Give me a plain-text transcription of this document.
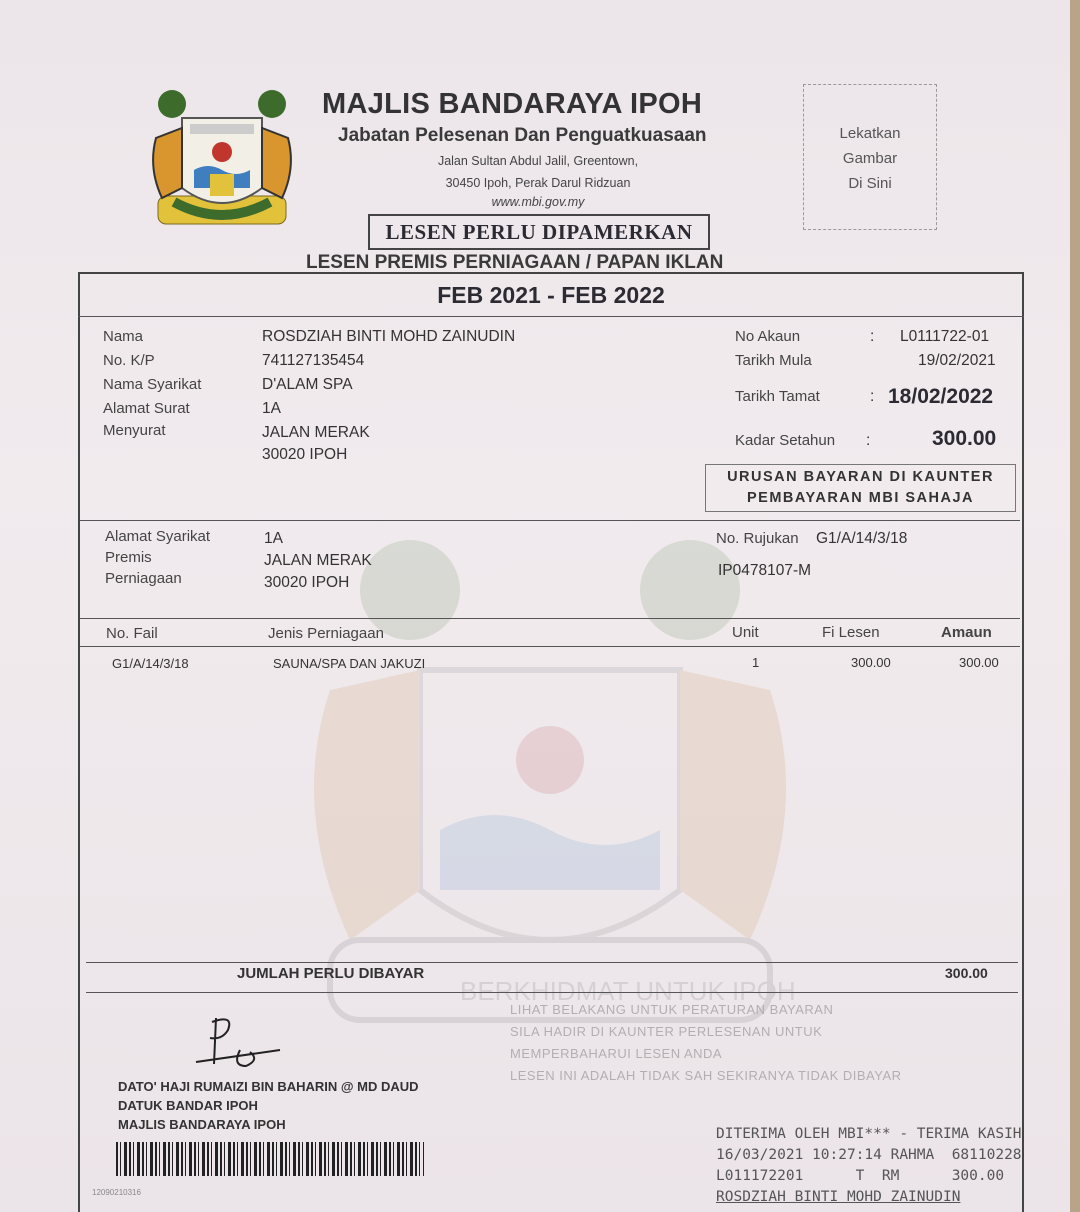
MAJLIS BANDARAYA IPOH
Jabatan Pelesenan Dan Penguatkuasaan
Jalan Sultan Abdul Jalil, Greentown,
30450 Ipoh, Perak Darul Ridzuan
www.mbi.gov.my
LESEN PERLU DIPAMERKAN
LESEN PREMIS PERNIAGAAN / PAPAN IKLAN
Lekatkan
Gambar
Di Sini
BERKHIDMAT UNTUK IPOH
FEB 2021 - FEB 2022
Nama	ROSDZIAH BINTI MOHD ZAINUDIN
No. K/P	741127135454
Nama Syarikat	D'ALAM SPA
Alamat Surat
Menyurat
1A
JALAN MERAK
30020 IPOH
No Akaun	: L0111722-01
Tarikh Mula	19/02/2021
Tarikh Tamat	: 18/02/2022
Kadar Setahun :	300.00
URUSAN BAYARAN DI KAUNTER
PEMBAYARAN MBI SAHAJA
Alamat Syarikat
Premis
Perniagaan
1A
JALAN MERAK
30020 IPOH
No. Rujukan G1/A/14/3/18
IP0478107-M
No. Fail	Jenis Perniagaan	Unit	Fi Lesen	Amaun
G1/A/14/3/18	SAUNA/SPA DAN JAKUZI	1	300.00	300.00
JUMLAH PERLU DIBAYAR	300.00
LIHAT BELAKANG UNTUK PERATURAN BAYARAN
SILA HADIR DI KAUNTER PERLESENAN UNTUK
MEMPERBAHARUI LESEN ANDA
LESEN INI ADALAH TIDAK SAH SEKIRANYA TIDAK DIBAYAR
DATO' HAJI RUMAIZI BIN BAHARIN @ MD DAUD
DATUK BANDAR IPOH
MAJLIS BANDARAYA IPOH
12090210316
DITERIMA OLEH MBI*** - TERIMA KASIH
16/03/2021 10:27:14 RAHMA  68110228
L011172201      T  RM      300.00
ROSDZIAH BINTI MOHD ZAINUDIN
